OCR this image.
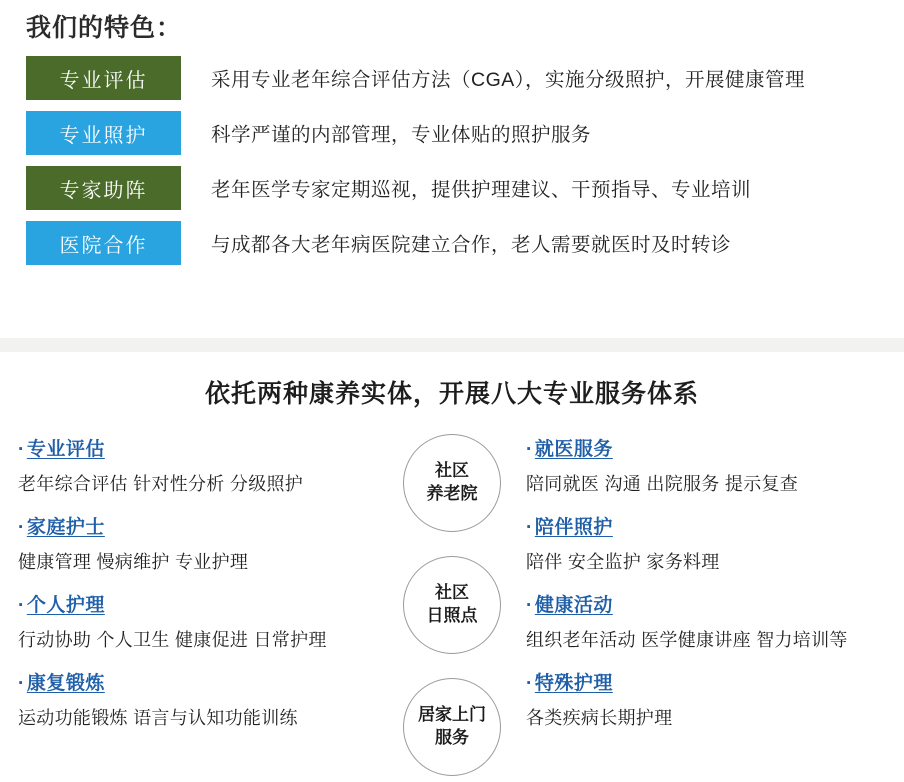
我们的特色：
专业评估	采用专业老年综合评估方法（CGA），实施分级照护，开展健康管理
专业照护	科学严谨的内部管理，专业体贴的照护服务
专家助阵	老年医学专家定期巡视，提供护理建议、干预指导、专业培训
医院合作	与成都各大老年病医院建立合作，老人需要就医时及时转诊
依托两种康养实体，开展八大专业服务体系
· 专业评估
老年综合评估 针对性分析 分级照护
· 家庭护士
健康管理 慢病维护 专业护理
· 个人护理
行动协助 个人卫生 健康促进 日常护理
· 康复锻炼
运动功能锻炼 语言与认知功能训练
社区
养老院
社区
日照点
居家上门
服务
· 就医服务
陪同就医 沟通 出院服务 提示复查
· 陪伴照护
陪伴 安全监护 家务料理
· 健康活动
组织老年活动 医学健康讲座 智力培训等
· 特殊护理
各类疾病长期护理
